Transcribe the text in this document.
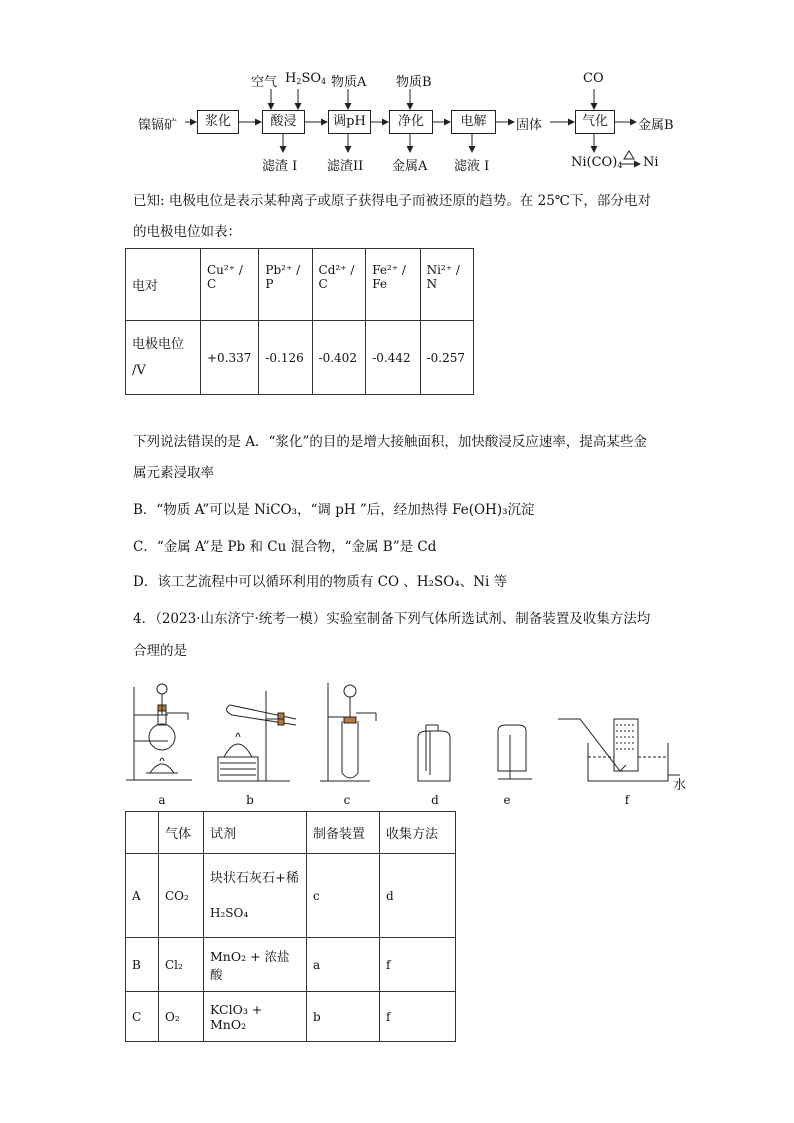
镍镉矿	浆化	酸浸	调pH	净化	电解	固体	气化	金属B
空气 $H_2SO_4$ 物质A 物质B	CO
滤渣 I 滤渣II 金属A 滤液 I	$Ni(CO)_4$ Ni
已知: 电极电位是表示某种离子或原子获得电子而被还原的趋势。在 25℃下，部分电对
的电极电位如表：
电对	Cu²⁺ / C	Pb²⁺ / P	Cd²⁺ / C	Fe²⁺ / Fe	Ni²⁺ / N

电极电位
/V	+0.337	-0.126	-0.402	-0.442	-0.257
下列说法错误的是 A．“浆化”的目的是增大接触面积，加快酸浸反应速率，提高某些金
属元素浸取率
B．“物质 A”可以是 NiCO₃，“调 pH ”后，经加热得 Fe(OH)₃沉淀
C．“金属 A”是 Pb 和 Cu 混合物，“金属 B”是 Cd
D．该工艺流程中可以循环利用的物质有 CO 、H₂SO₄、Ni 等
4．（2023·山东济宁·统考一模）实验室制备下列气体所选试剂、制备装置及收集方法均
合理的是
a	b	c	d	e	f
水
	气体	试剂	制备装置	收集方法
A	CO₂	块状石灰石+稀
H₂SO₄	c	d
B	Cl₂	MnO₂ + 浓盐酸	a	f
C	O₂	KClO₃ + MnO₂	b	f
